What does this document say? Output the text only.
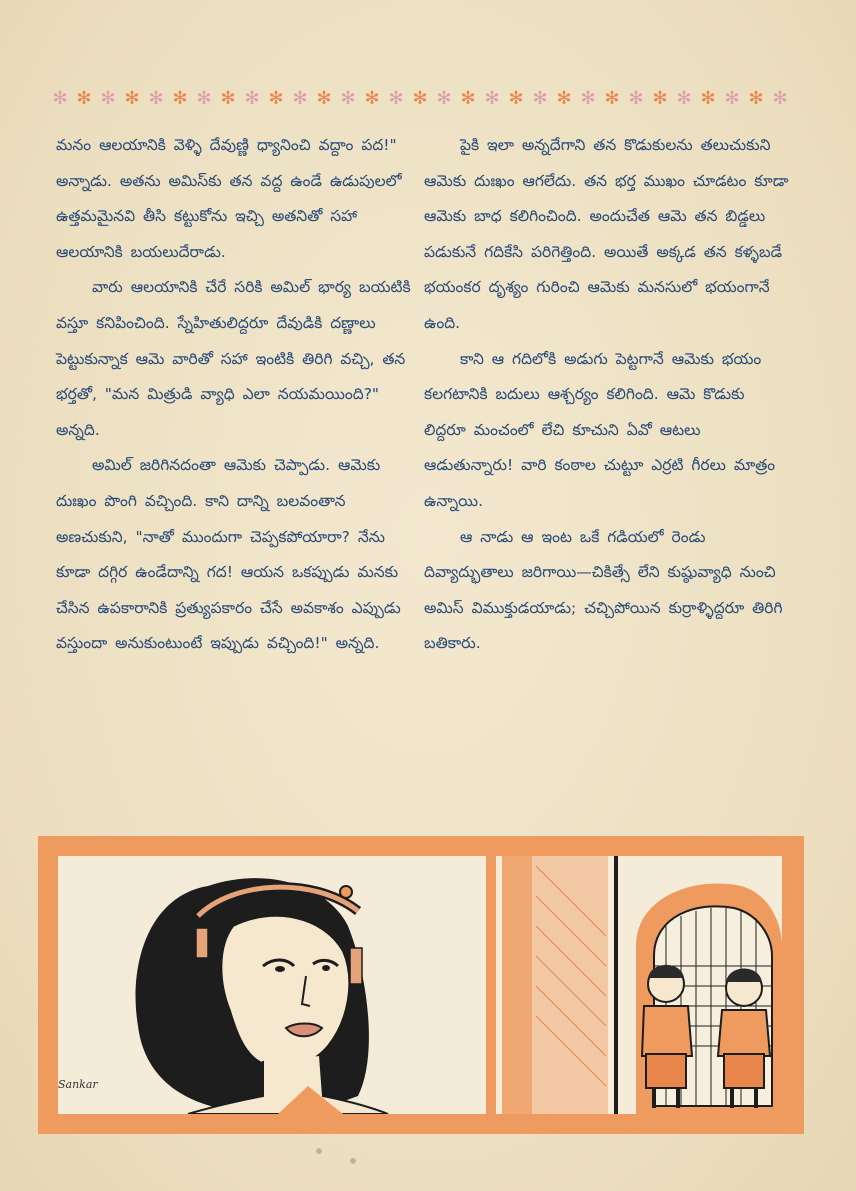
✻ ✻ ✻ ✻ ✻ ✻ ✻ ✻ ✻ ✻ ✻ ✻ ✻ ✻ ✻ ✻ ✻ ✻ ✻ ✻ ✻ ✻ ✻ ✻ ✻ ✻ ✻ ✻ ✻ ✻ ✻

మనం ఆలయానికి వెళ్ళి దేవుణ్ణి ధ్యానించి వద్దాం పద!" అన్నాడు. అతను అమిస్‌కు తన వద్ద ఉండే ఉడుపులలో ఉత్తమమైనవి తీసి కట్టుకోను ఇచ్చి అతనితో సహా ఆలయానికి బయలుదేరాడు.

వారు ఆలయానికి చేరే సరికి అమిల్ భార్య బయటికి వస్తూ కనిపించింది. స్నేహితులిద్దరూ దేవుడికి దణ్ణాలు పెట్టుకున్నాక ఆమె వారితో సహా ఇంటికి తిరిగి వచ్చి, తన భర్తతో, "మన మిత్రుడి వ్యాధి ఎలా నయమయింది?" అన్నది.

అమిల్ జరిగినదంతా ఆమెకు చెప్పాడు. ఆమెకు దుఃఖం పొంగి వచ్చింది. కాని దాన్ని బలవంతాన అణచుకుని, "నాతో ముందుగా చెప్పకపోయారా? నేను కూడా దగ్గిర ఉండేదాన్ని గద! ఆయన ఒకప్పుడు మనకు చేసిన ఉపకారానికి ప్రత్యుపకారం చేసే అవకాశం ఎప్పుడు వస్తుందా అనుకుంటుంటే ఇప్పుడు వచ్చింది!" అన్నది.

పైకి ఇలా అన్నదేగాని తన కొడుకులను తలుచుకుని ఆమెకు దుఃఖం ఆగలేదు. తన భర్త ముఖం చూడటం కూడా ఆమెకు బాధ కలిగించింది. అందుచేత ఆమె తన బిడ్డలు పడుకునే గదికేసి పరిగెత్తింది. అయితే అక్కడ తన కళ్ళబడే భయంకర దృశ్యం గురించి ఆమెకు మనసులో భయంగానే ఉంది.

కాని ఆ గదిలోకి అడుగు పెట్టగానే ఆమెకు భయం కలగటానికి బదులు ఆశ్చర్యం కలిగింది. ఆమె కొడుకు లిద్దరూ మంచంలో లేచి కూచుని ఏవో ఆటలు ఆడుతున్నారు! వారి కంఠాల చుట్టూ ఎర్రటి గీరలు మాత్రం ఉన్నాయి.

ఆ నాడు ఆ ఇంట ఒకే గడియలో రెండు దివ్యాద్భుతాలు జరిగాయి—చికిత్సే లేని కుష్ఠువ్యాధి నుంచి అమిస్ విముక్తుడయాడు; చచ్చిపోయిన కుర్రాళ్ళిద్దరూ తిరిగి బతికారు.

Sankar
